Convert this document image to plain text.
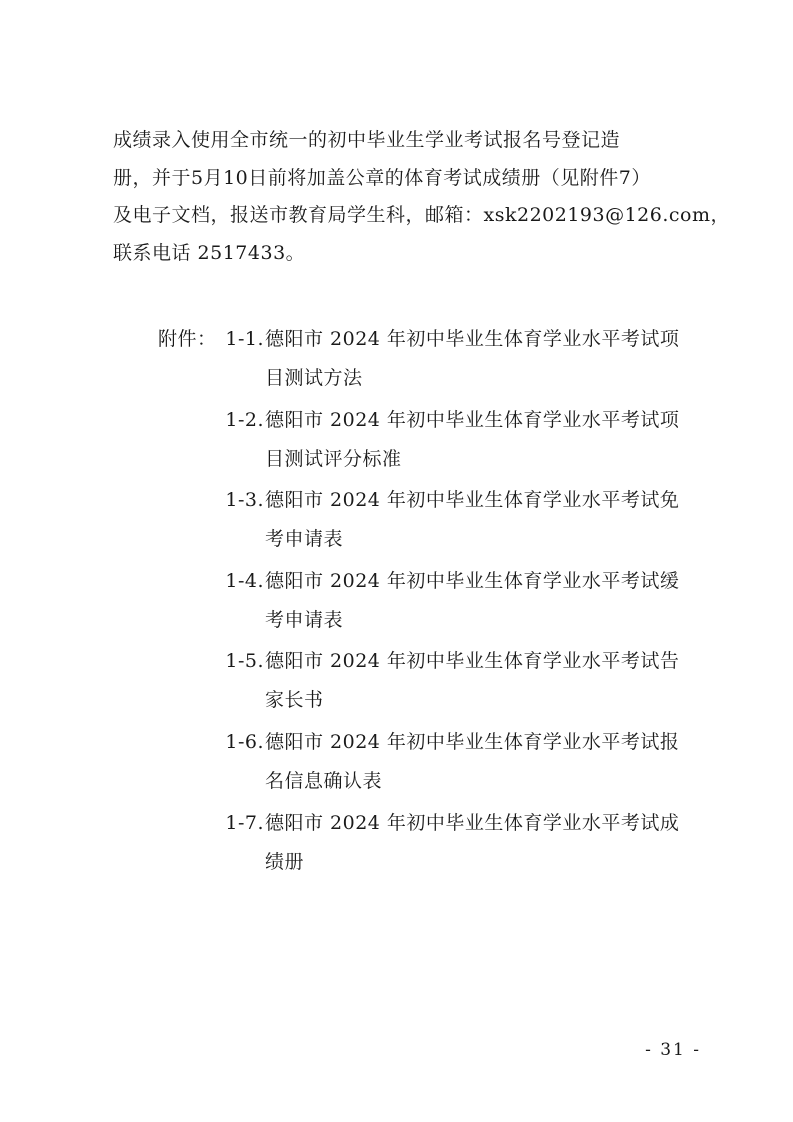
成绩录入使用全市统一的初中毕业生学业考试报名号登记造
册，并于5月10日前将加盖公章的体育考试成绩册（见附件7）
及电子文档，报送市教育局学生科，邮箱：xsk2202193@126.com，
联系电话 2517433。
附件： 1-1. 德阳市 2024 年初中毕业生体育学业水平考试项
目测试方法
1-2. 德阳市 2024 年初中毕业生体育学业水平考试项
目测试评分标准
1-3. 德阳市 2024 年初中毕业生体育学业水平考试免
考申请表
1-4. 德阳市 2024 年初中毕业生体育学业水平考试缓
考申请表
1-5. 德阳市 2024 年初中毕业生体育学业水平考试告
家长书
1-6. 德阳市 2024 年初中毕业生体育学业水平考试报
名信息确认表
1-7. 德阳市 2024 年初中毕业生体育学业水平考试成
绩册
- 31 -
